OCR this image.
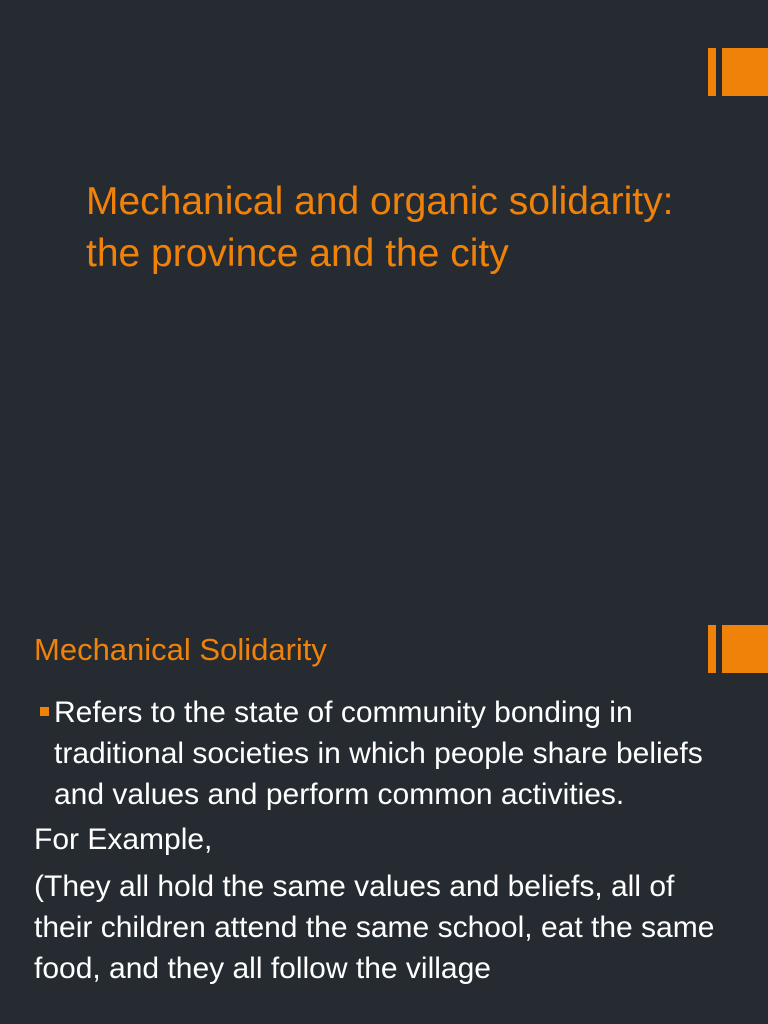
Mechanical and organic solidarity: the province and the city
Mechanical Solidarity

Refers to the state of community bonding in traditional societies in which people share beliefs and values and perform common activities.

For Example,

(They all hold the same values and beliefs, all of their children attend the same school, eat the same food, and they all follow the village
